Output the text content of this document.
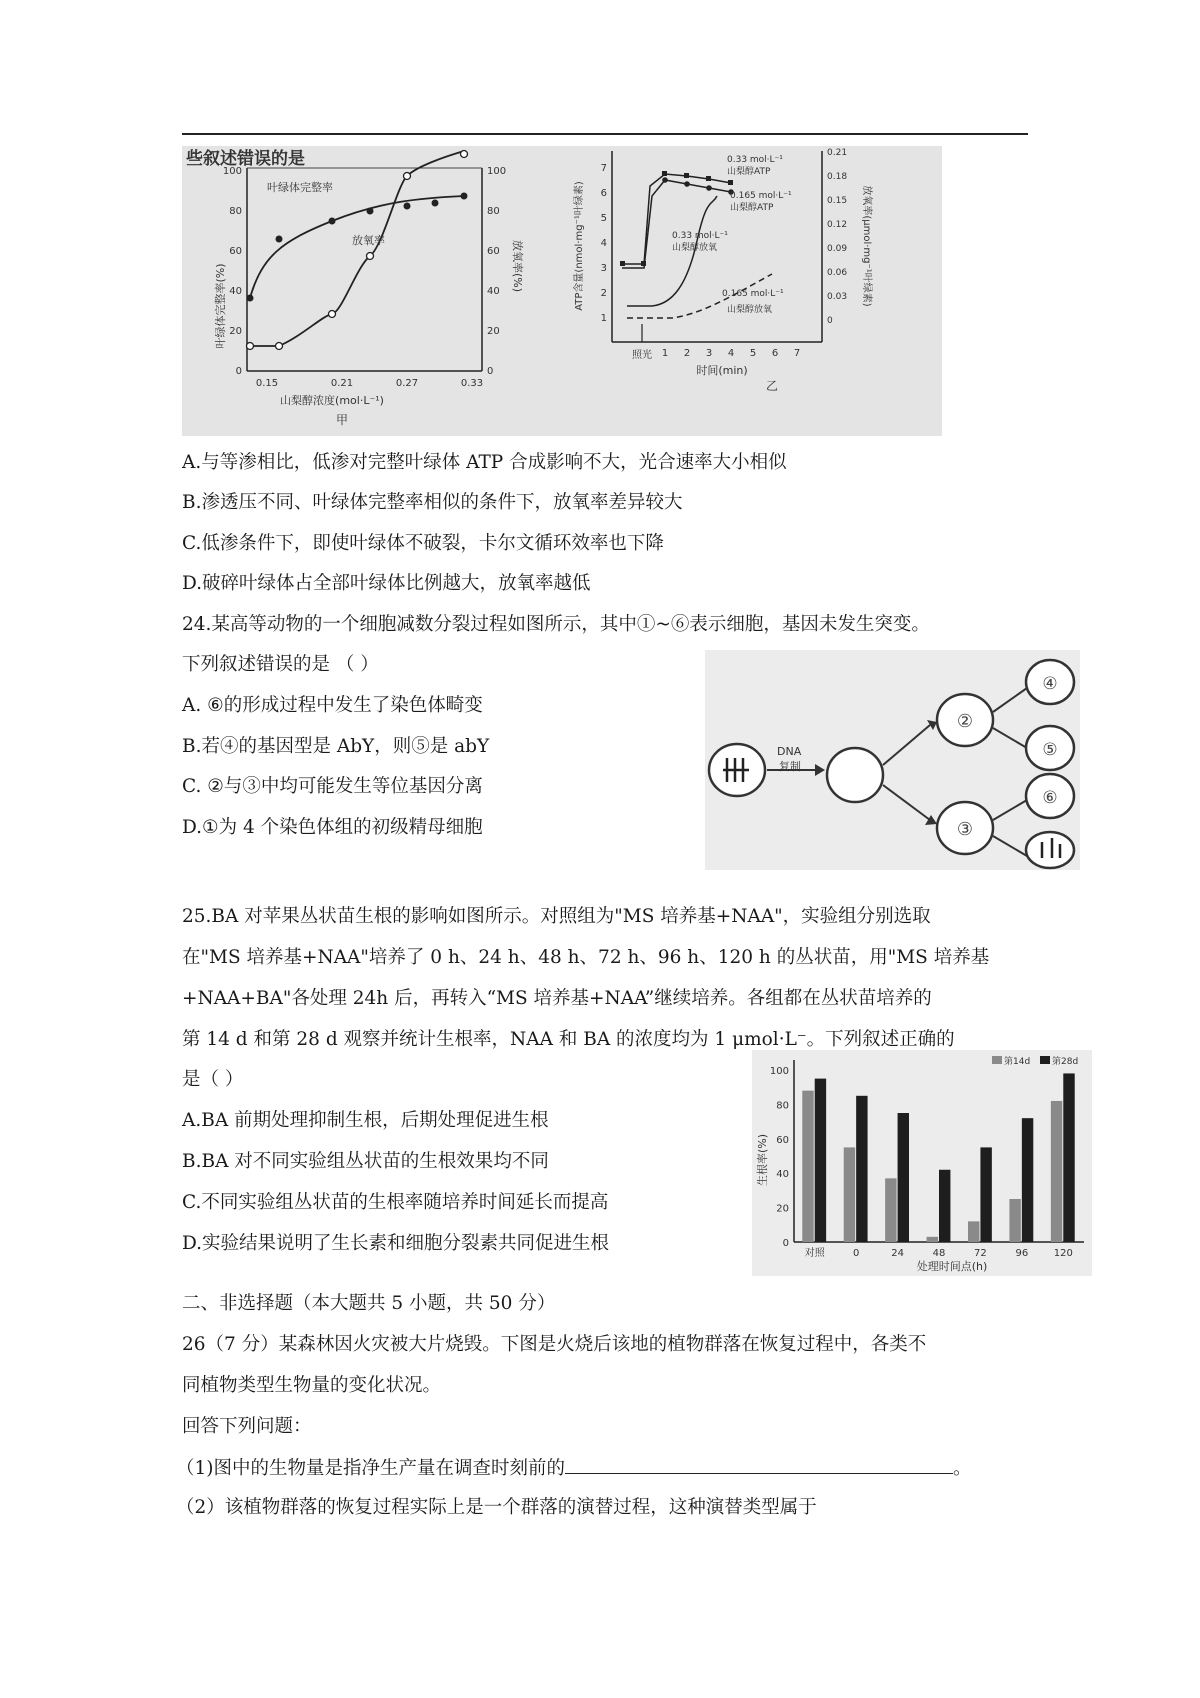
些叙述错误的是
0
20
40
60
80
100
0
20
40
60
80
100
0.15	0.21	0.27	0.33
山梨醇浓度(mol·L⁻¹)
甲
叶绿体完整率(%)	放氧率(%)
叶绿体完整率
放氧率
1
2
3
4
5
6
7
0
0.03
0.06
0.09
0.12
0.15
0.18
0.21
照光 1 2 3 4 5 6 7
时间(min)
乙
ATP含量(nmol·mg⁻¹叶绿素)	放氧率(μmol·mg⁻¹叶绿素)
0.33 mol·L⁻¹
山梨醇ATP
0.165 mol·L⁻¹
山梨醇ATP
0.33 mol·L⁻¹
山梨醇放氧
0.165 mol·L⁻¹
山梨醇放氧
A.与等渗相比，低渗对完整叶绿体 ATP 合成影响不大，光合速率大小相似
B.渗透压不同、叶绿体完整率相似的条件下，放氧率差异较大
C.低渗条件下，即使叶绿体不破裂，卡尔文循环效率也下降
D.破碎叶绿体占全部叶绿体比例越大，放氧率越低
24.某高等动物的一个细胞减数分裂过程如图所示，其中①~⑥表示细胞，基因未发生突变。
下列叙述错误的是 （ ）
A. ⑥的形成过程中发生了染色体畸变
B.若④的基因型是 AbY，则⑤是 abY
C. ②与③中均可能发生等位基因分离
D.①为 4 个染色体组的初级精母细胞
DNA
复制
②
③
④
⑤
⑥
25.BA 对苹果丛状苗生根的影响如图所示。对照组为"MS 培养基+NAA"，实验组分别选取
在"MS 培养基+NAA"培养了 0 h、24 h、48 h、72 h、96 h、120 h 的丛状苗，用"MS 培养基
+NAA+BA"各处理 24h 后，再转入“MS 培养基+NAA”继续培养。各组都在丛状苗培养的
第 14 d 和第 28 d 观察并统计生根率，NAA 和 BA 的浓度均为 1 μmol·L⁻。下列叙述正确的
是（ ）
A.BA 前期处理抑制生根，后期处理促进生根
B.BA 对不同实验组丛状苗的生根效果均不同
C.不同实验组丛状苗的生根率随培养时间延长而提高
D.实验结果说明了生长素和细胞分裂素共同促进生根
生根率(%)
处理时间点(h)
0
20
40
60
80
100
对照	0	24	48	72	96	120
第14d 第28d
二、非选择题（本大题共 5 小题，共 50 分）
26（7 分）某森林因火灾被大片烧毁。下图是火烧后该地的植物群落在恢复过程中，各类不
同植物类型生物量的变化状况。
回答下列问题：
（1)图中的生物量是指净生产量在调查时刻前的	。
（2）该植物群落的恢复过程实际上是一个群落的演替过程，这种演替类型属于
